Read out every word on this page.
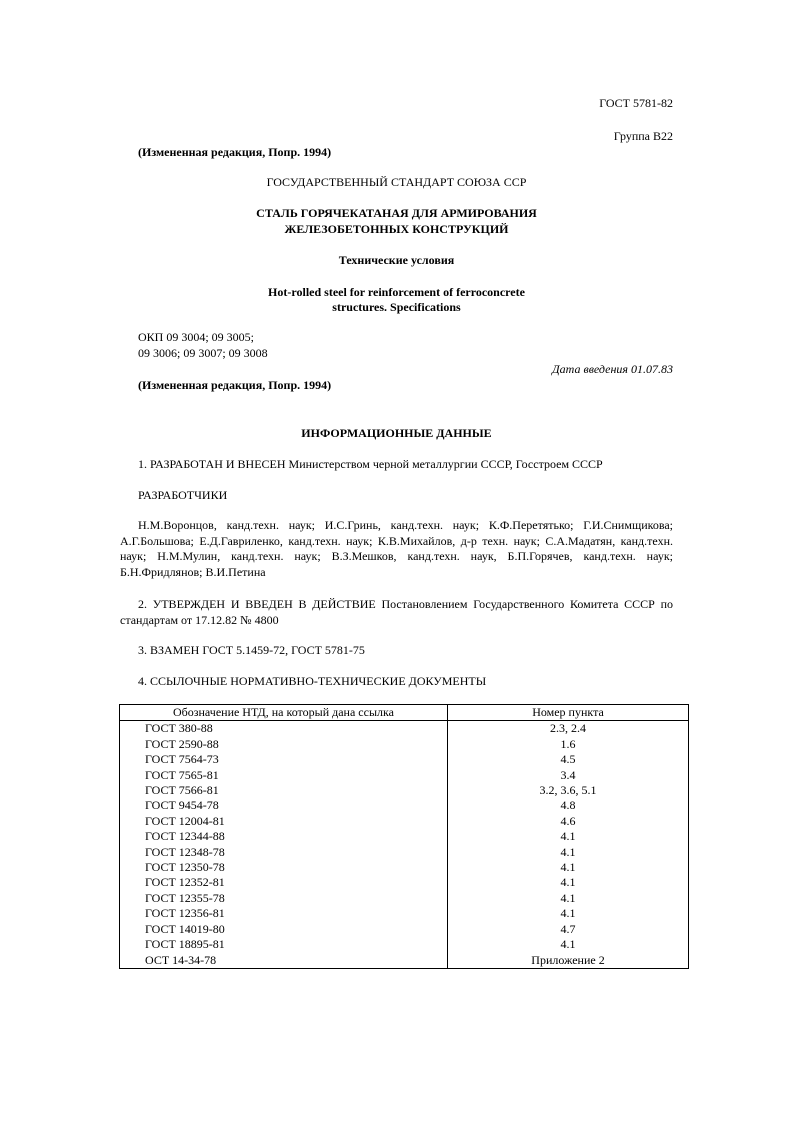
ГОСТ 5781-82
Группа В22
(Измененная редакция, Попр. 1994)
ГОСУДАРСТВЕННЫЙ СТАНДАРТ СОЮЗА ССР
СТАЛЬ ГОРЯЧЕКАТАНАЯ ДЛЯ АРМИРОВАНИЯ
ЖЕЛЕЗОБЕТОННЫХ КОНСТРУКЦИЙ
Технические условия
Hot-rolled steel for reinforcement of ferroconcrete
structures. Specifications
ОКП 09 3004; 09 3005;
09 3006; 09 3007; 09 3008
Дата введения 01.07.83
(Измененная редакция, Попр. 1994)
ИНФОРМАЦИОННЫЕ ДАННЫЕ
1. РАЗРАБОТАН И ВНЕСЕН Министерством черной металлургии СССР, Госстроем СССР
РАЗРАБОТЧИКИ
Н.М.Воронцов, канд.техн. наук; И.С.Гринь, канд.техн. наук; К.Ф.Перетятько; Г.И.Снимщикова; А.Г.Большова; Е.Д.Гавриленко, канд.техн. наук; К.В.Михайлов, д-р техн. наук; С.А.Мадатян, канд.техн. наук; Н.М.Мулин, канд.техн. наук; В.З.Мешков, канд.техн. наук, Б.П.Горячев, канд.техн. наук; Б.Н.Фридлянов; В.И.Петина
2. УТВЕРЖДЕН И ВВЕДЕН В ДЕЙСТВИЕ Постановлением Государственного Комитета СССР по стандартам от 17.12.82 № 4800
3. ВЗАМЕН ГОСТ 5.1459-72, ГОСТ 5781-75
4. ССЫЛОЧНЫЕ НОРМАТИВНО-ТЕХНИЧЕСКИЕ ДОКУМЕНТЫ
Обозначение НТД, на который дана ссылка	Номер пункта
ГОСТ 380-88	2.3, 2.4
ГОСТ 2590-88	1.6
ГОСТ 7564-73	4.5
ГОСТ 7565-81	3.4
ГОСТ 7566-81	3.2, 3.6, 5.1
ГОСТ 9454-78	4.8
ГОСТ 12004-81	4.6
ГОСТ 12344-88	4.1
ГОСТ 12348-78	4.1
ГОСТ 12350-78	4.1
ГОСТ 12352-81	4.1
ГОСТ 12355-78	4.1
ГОСТ 12356-81	4.1
ГОСТ 14019-80	4.7
ГОСТ 18895-81	4.1
ОСТ 14-34-78	Приложение 2
